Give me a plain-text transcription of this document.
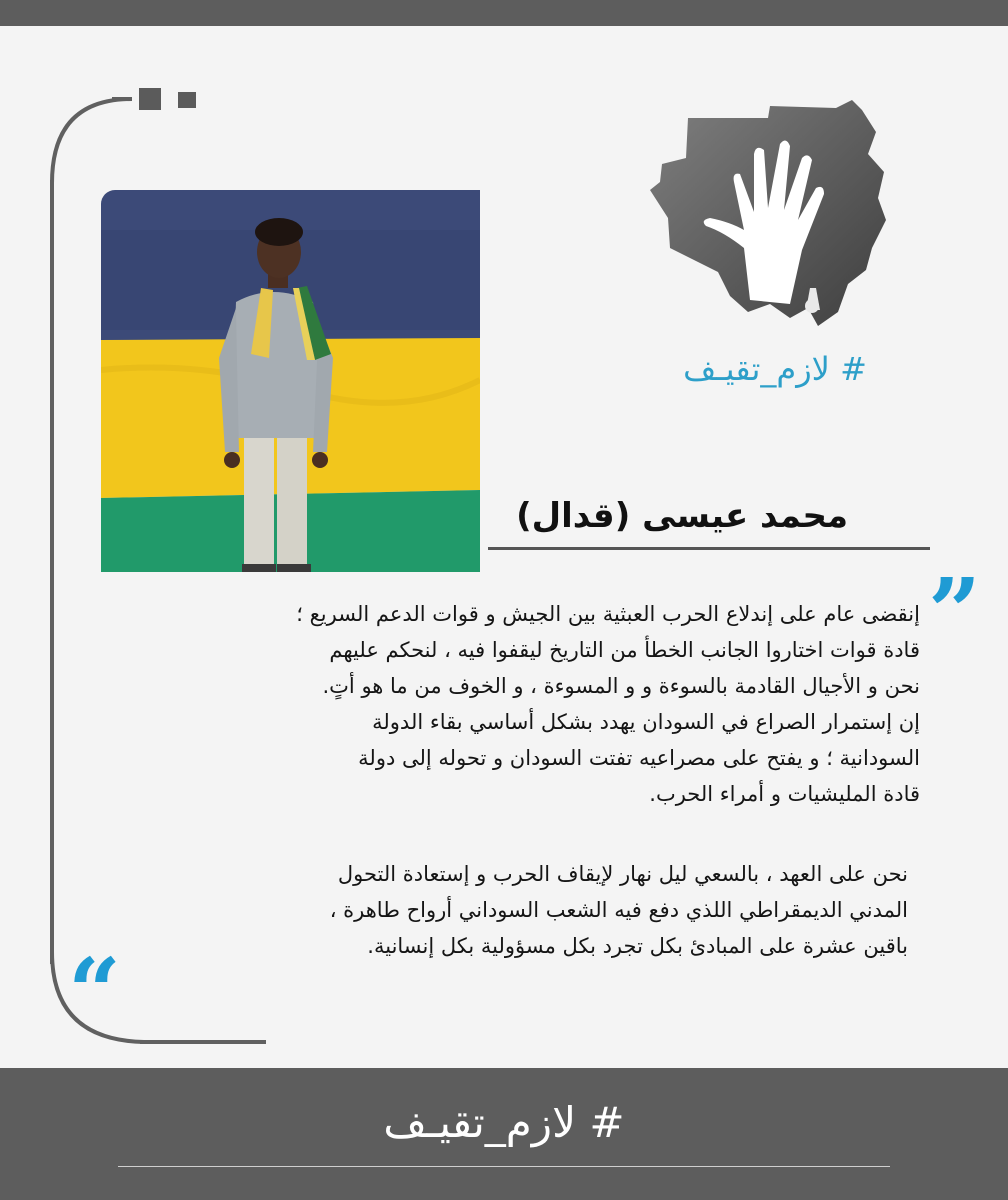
# لازم_تقيـف
محمد عيسى (قدال)
”
“
إنقضى عام على إندلاع الحرب العبثية بين الجيش و قوات الدعم السريع ؛
قادة قوات اختاروا الجانب الخطأ من التاريخ ليقفوا فيه ، لنحكم عليهم
نحن و الأجيال القادمة بالسوءة و و المسوءة ، و الخوف من ما هو أتٍ.
إن إستمرار الصراع في السودان يهدد بشكل أساسي بقاء الدولة
السودانية ؛ و يفتح على مصراعيه تفتت السودان و تحوله إلى دولة
قادة المليشيات و أمراء الحرب.
نحن على العهد ، بالسعي ليل نهار لإيقاف الحرب و إستعادة التحول
المدني الديمقراطي اللذي دفع فيه الشعب السوداني أرواح طاهرة ،
باقين عشرة على المبادئ بكل تجرد بكل مسؤولية بكل إنسانية.
# لازم_تقيـف
